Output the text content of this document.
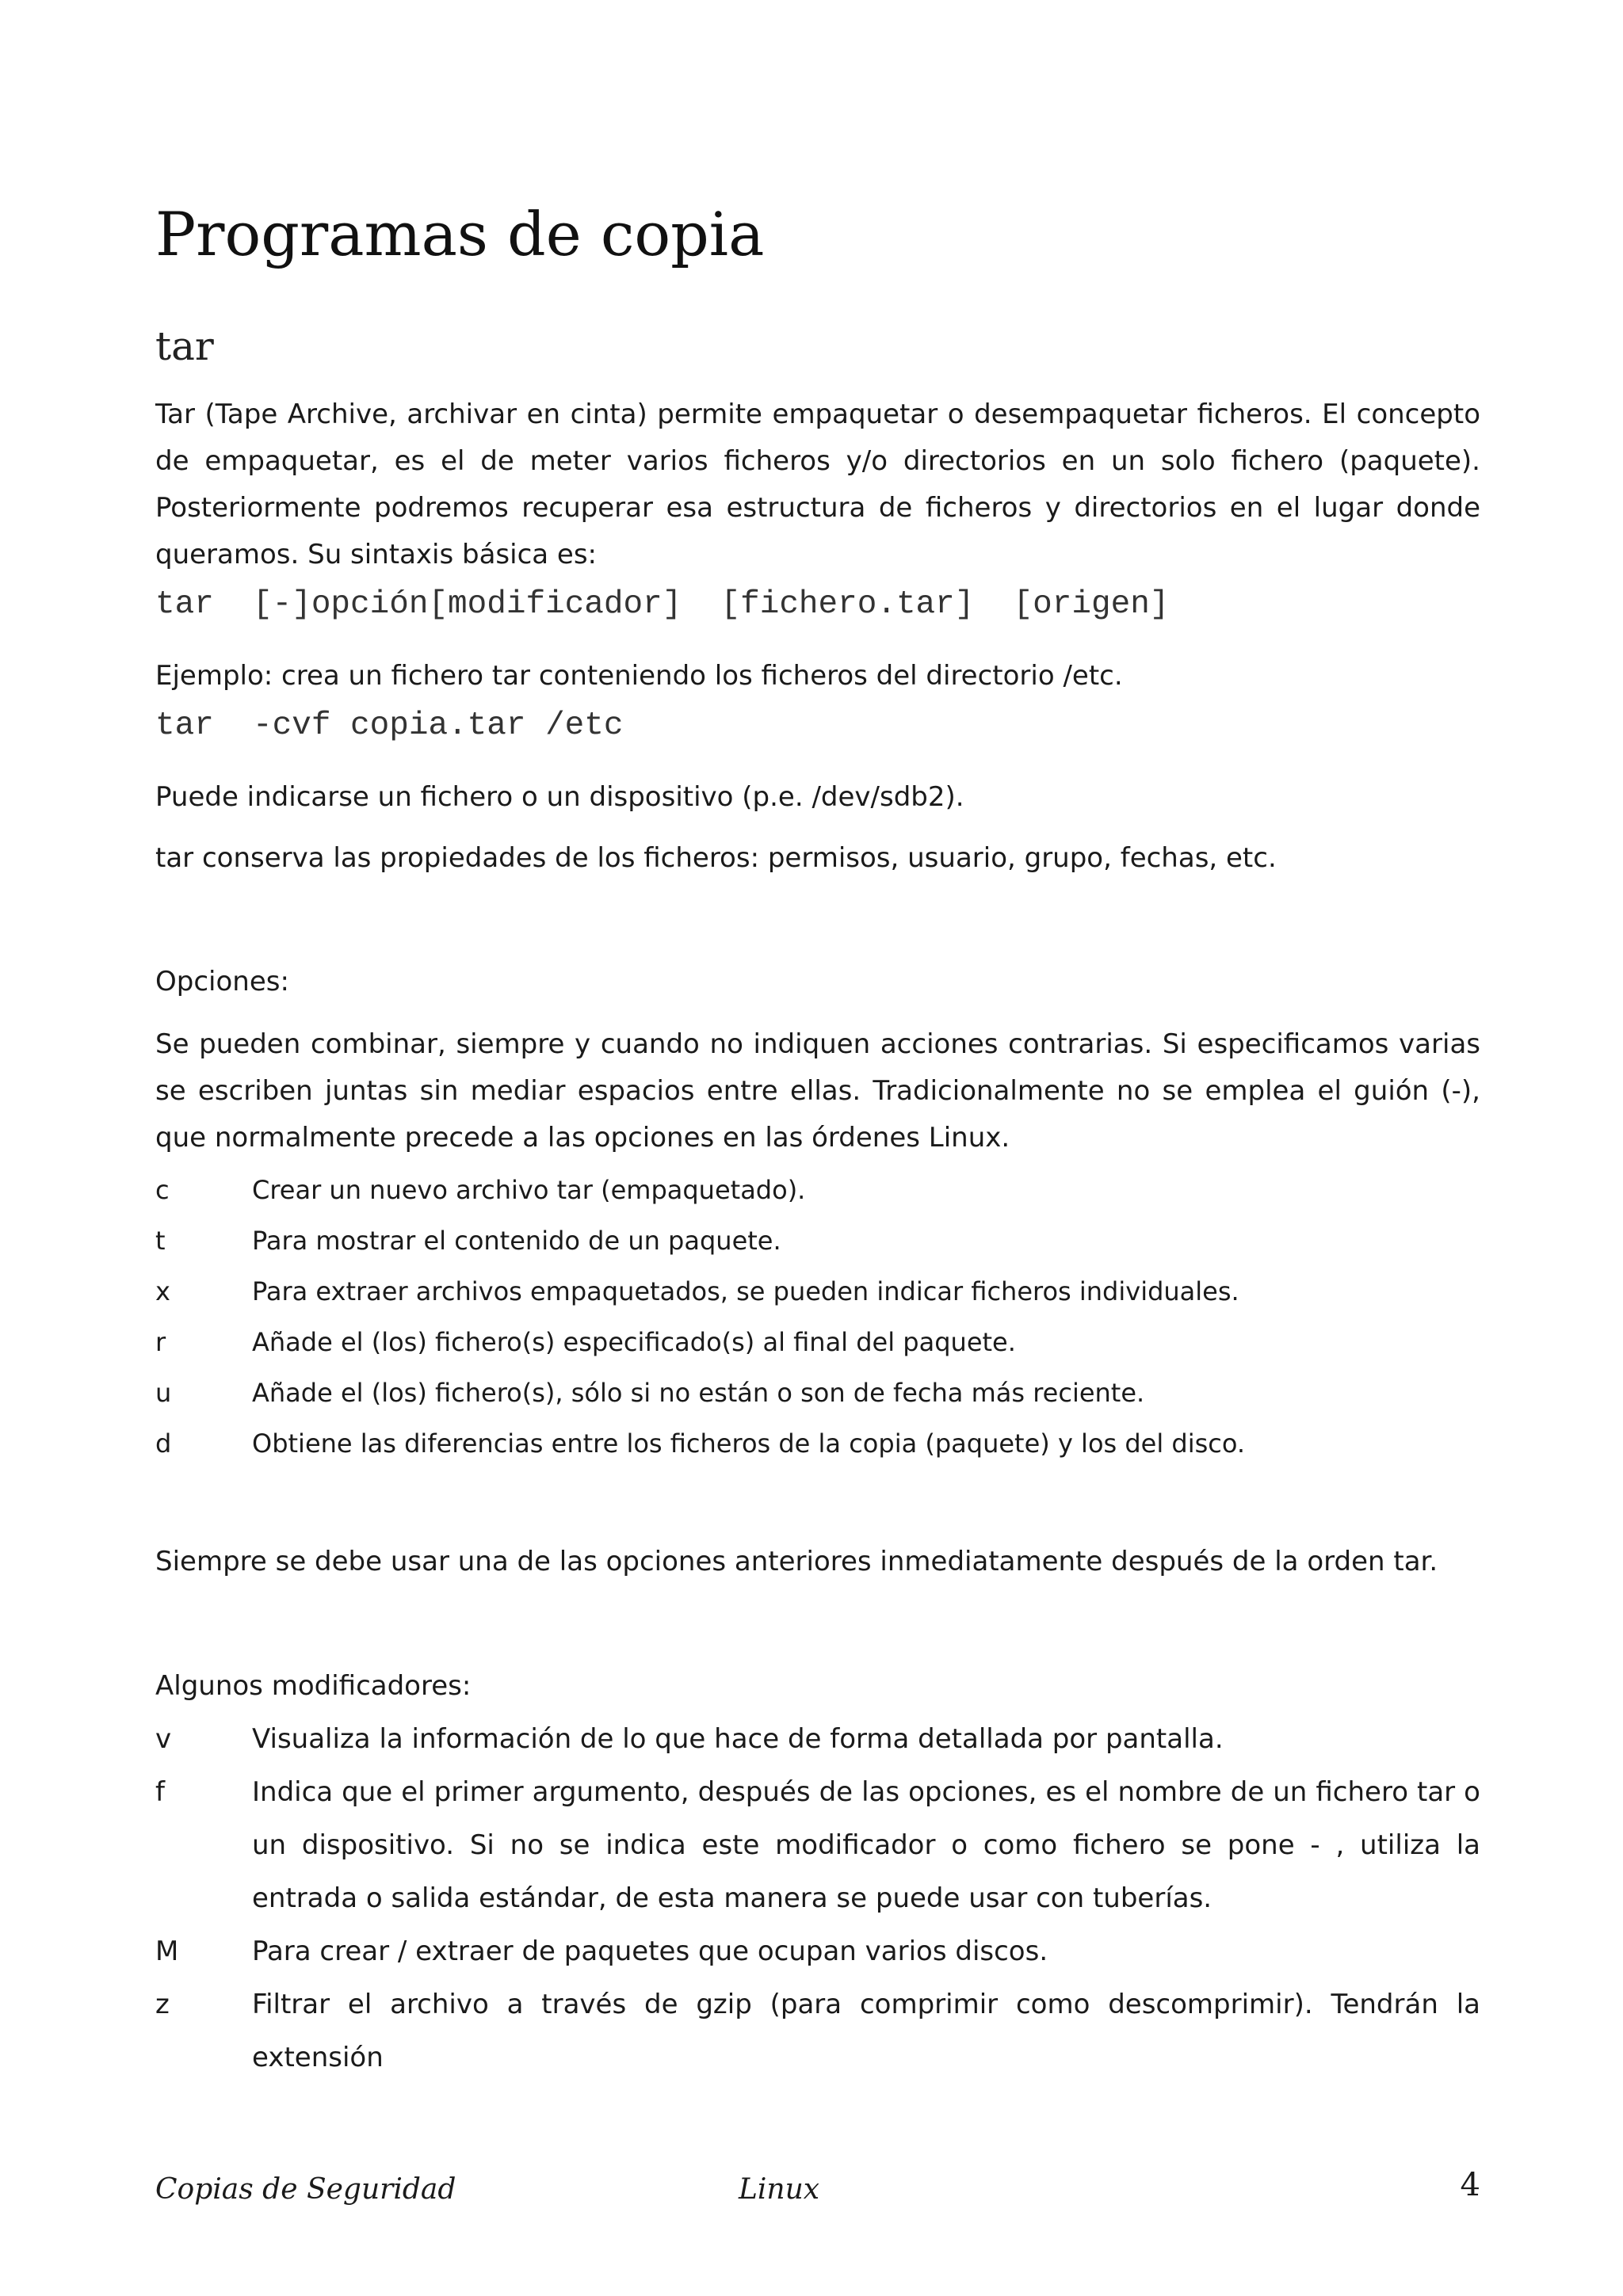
Programas de copia
tar

Tar (Tape Archive, archivar en cinta) permite empaquetar o desempaquetar ficheros. El concepto de empaquetar, es el de meter varios ficheros y/o directorios en un solo fichero (paquete). Posteriormente podremos recuperar esa estructura de ficheros y directorios en el lugar donde queramos. Su sintaxis básica es:

tar  [-]opción[modificador]  [fichero.tar]  [origen]

Ejemplo: crea un fichero tar conteniendo los ficheros del directorio /etc.

tar  -cvf copia.tar /etc

Puede indicarse un fichero o un dispositivo (p.e. /dev/sdb2).

tar conserva las propiedades de los ficheros: permisos, usuario, grupo, fechas, etc.

Opciones:

Se pueden combinar, siempre y cuando no indiquen acciones contrarias. Si especificamos varias se escriben juntas sin mediar espacios entre ellas. Tradicionalmente no se emplea el guión (-), que normalmente precede a las opciones en las órdenes Linux.

c	Crear un nuevo archivo tar (empaquetado).
t	Para mostrar el contenido de un paquete.
x	Para extraer archivos empaquetados, se pueden indicar ficheros individuales.
r	Añade el (los) fichero(s) especificado(s) al final del paquete.
u	Añade el (los) fichero(s), sólo si no están o son de fecha más reciente.
d	Obtiene las diferencias entre los ficheros de la copia (paquete) y los del disco.

Siempre se debe usar una de las opciones anteriores inmediatamente después de la orden tar.

Algunos modificadores:

v	Visualiza la información de lo que hace de forma detallada por pantalla.
f	Indica que el primer argumento, después de las opciones, es el nombre de un fichero tar o un dispositivo. Si no se indica este modificador o como fichero se pone - , utiliza la entrada o salida estándar, de esta manera se puede usar con tuberías.
M	Para crear / extraer de paquetes que ocupan varios discos.
z	Filtrar el archivo a través de gzip (para comprimir como descomprimir). Tendrán la extensión
Copias de Seguridad	Linux	4
